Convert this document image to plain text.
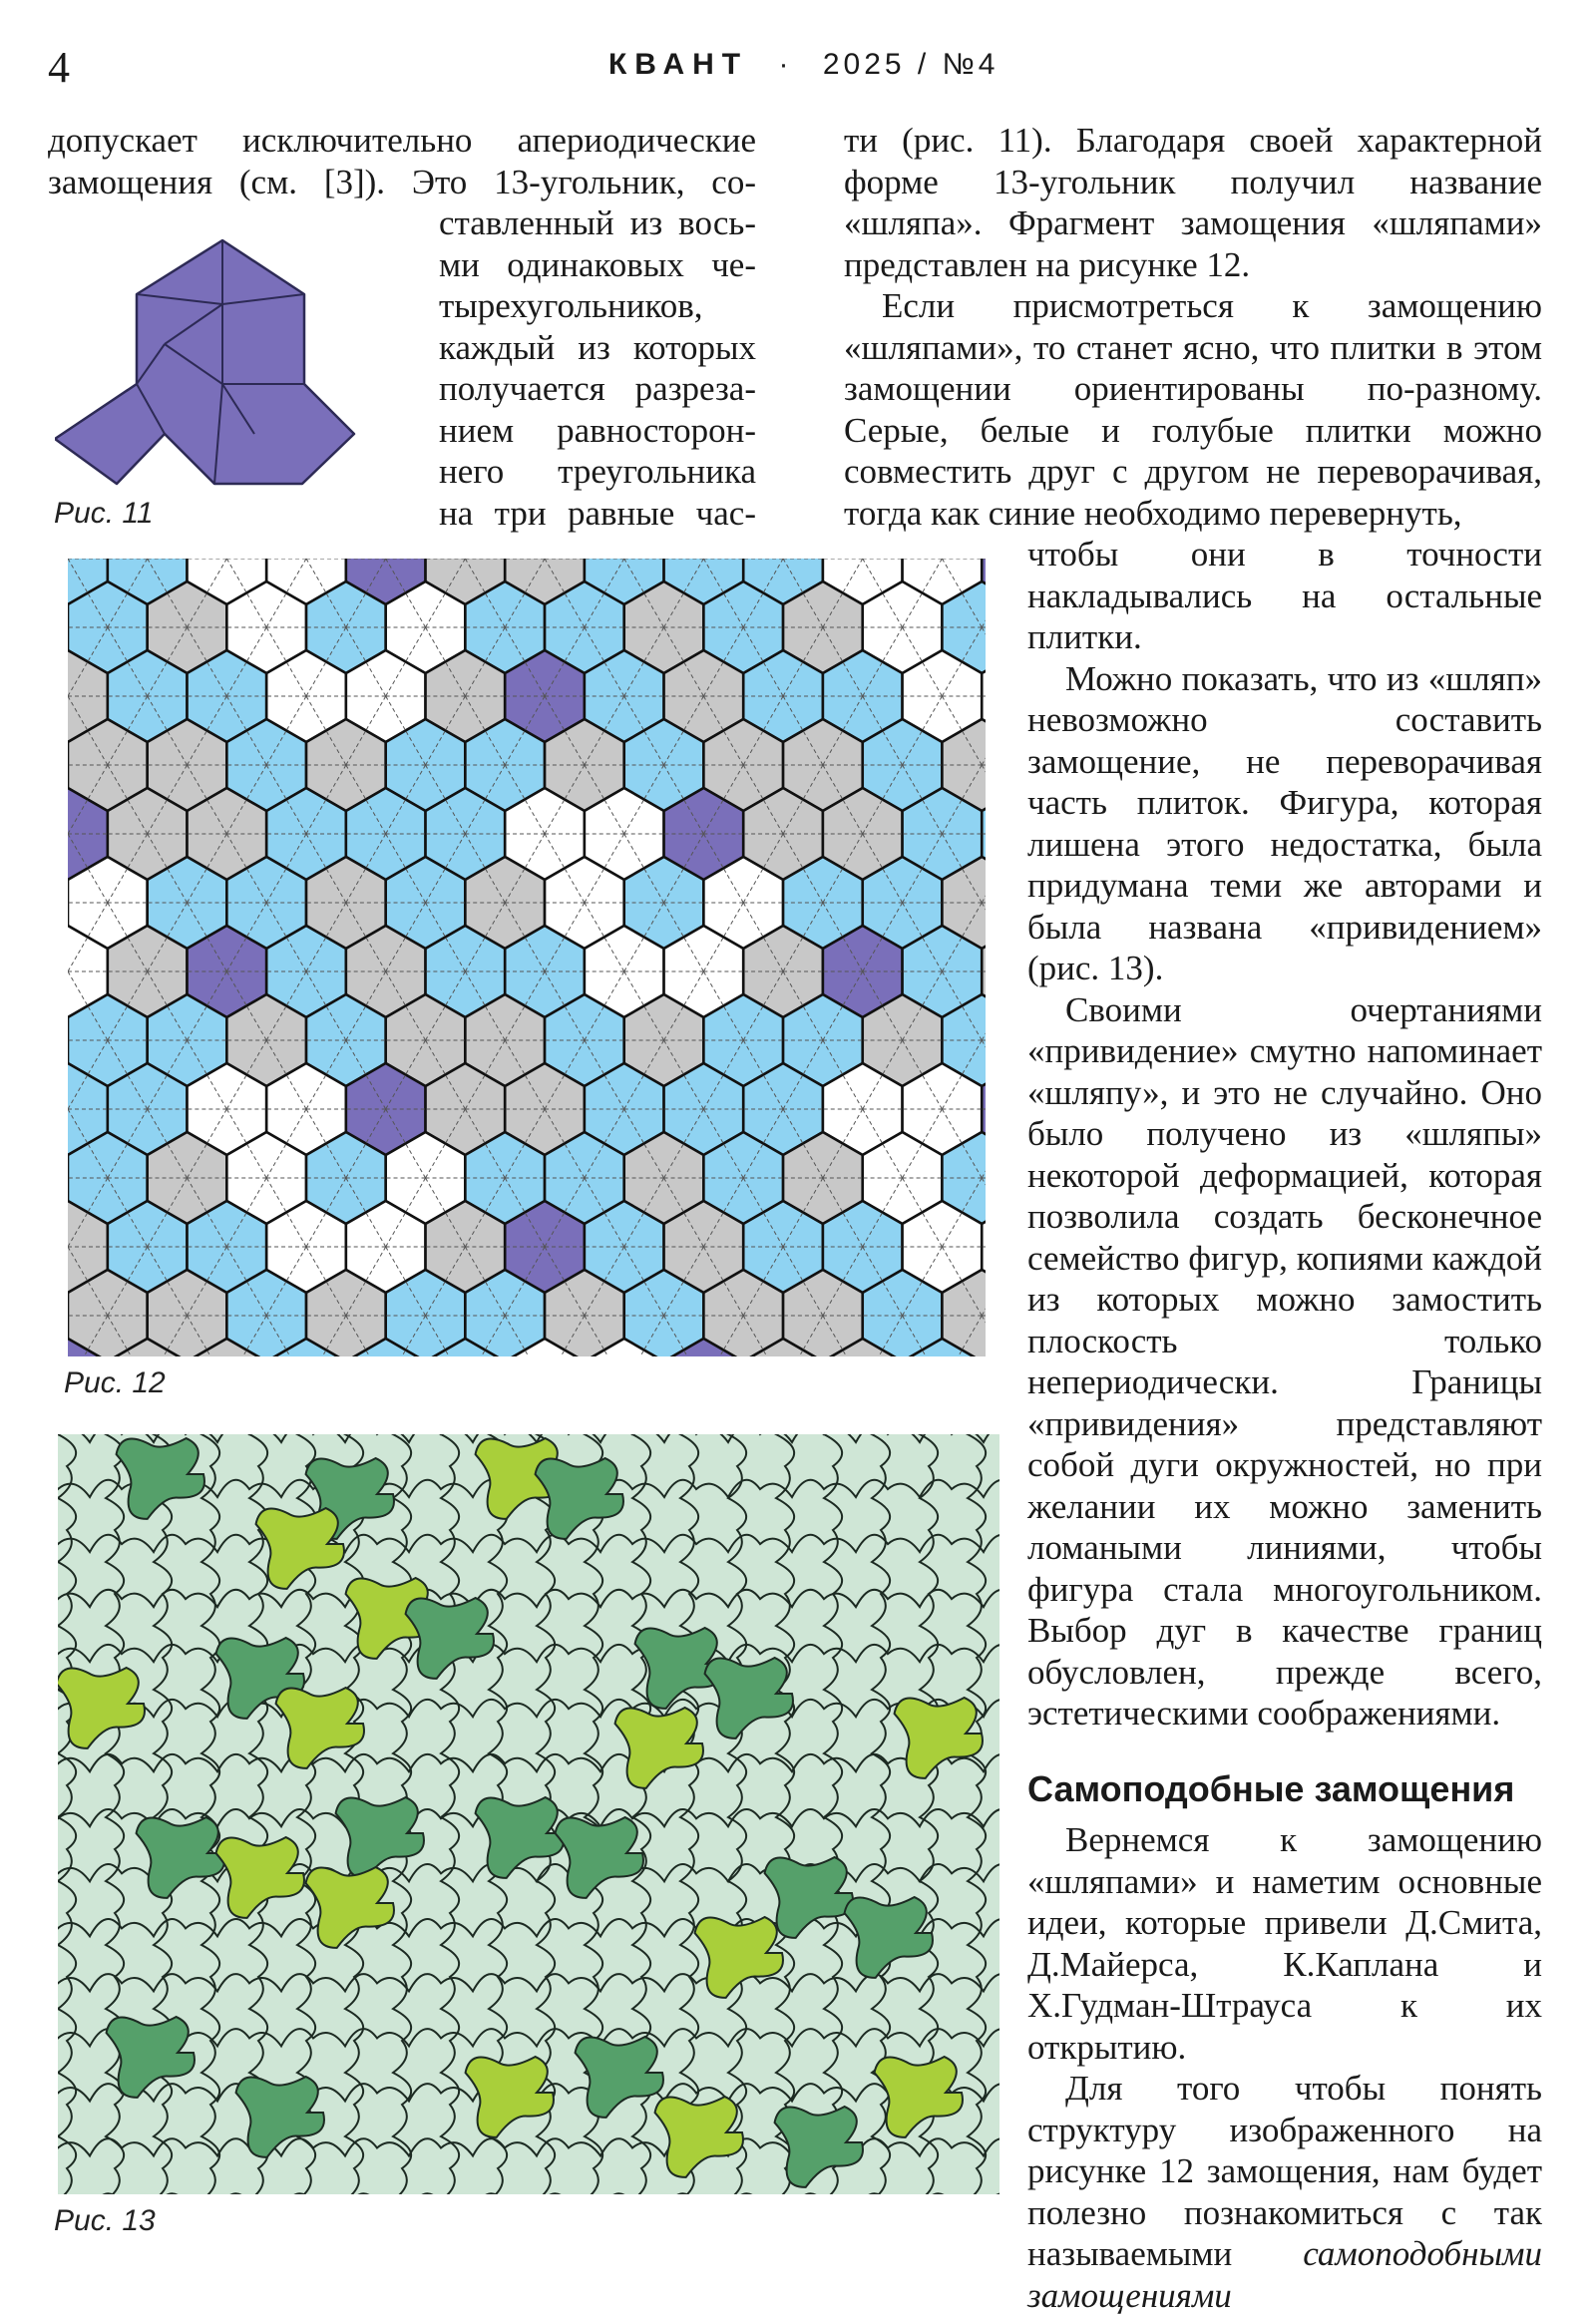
4	КВАНТ · 2025 / №4

допускает исключительно апериодические

замощения (см. [3]). Это 13-угольник, со-

ставленный из вось-

ми одинаковых че-

тырехугольников,

каждый из которых

получается разреза-

нием равносторон-

него треугольника

на три равные час-

Рис. 11
Рис. 12
Рис. 13

ти (рис. 11). Благодаря своей характерной форме 13-угольник получил название «шляпа». Фрагмент замощения «шляпами» представлен на рисунке 12.

Если присмотреться к замощению «шляпами», то станет ясно, что плитки в этом замощении ориентированы по-разному. Серые, белые и голубые плитки можно совместить друг с другом не переворачивая, тогда как синие необходимо перевернуть,

чтобы они в точности накладывались на остальные плитки.

Можно показать, что из «шляп» невозможно составить замощение, не переворачивая часть плиток. Фигура, которая лишена этого недостатка, была придумана теми же авторами и была названа «привидением» (рис. 13).

Своими очертаниями «привидение» смутно напоминает «шляпу», и это не случайно. Оно было получено из «шляпы» некоторой деформацией, которая позволила создать бесконечное семейство фигур, копиями каждой из которых можно замостить плоскость только непериодически. Границы «привидения» представляют собой дуги окружностей, но при желании их можно заменить ломаными линиями, чтобы фигура стала многоугольником. Выбор дуг в качестве границ обусловлен, прежде всего, эстетическими соображениями.

Самоподобные замощения

Вернемся к замощению «шляпами» и наметим основные идеи, которые привели Д.Смита, Д.Майерса, К.Каплана и Х.Гудман-Штрауса к их открытию.

Для того чтобы понять структуру изображенного на рисунке 12 замощения, нам будет полезно познакомиться с так называемыми самоподобными замощениями
